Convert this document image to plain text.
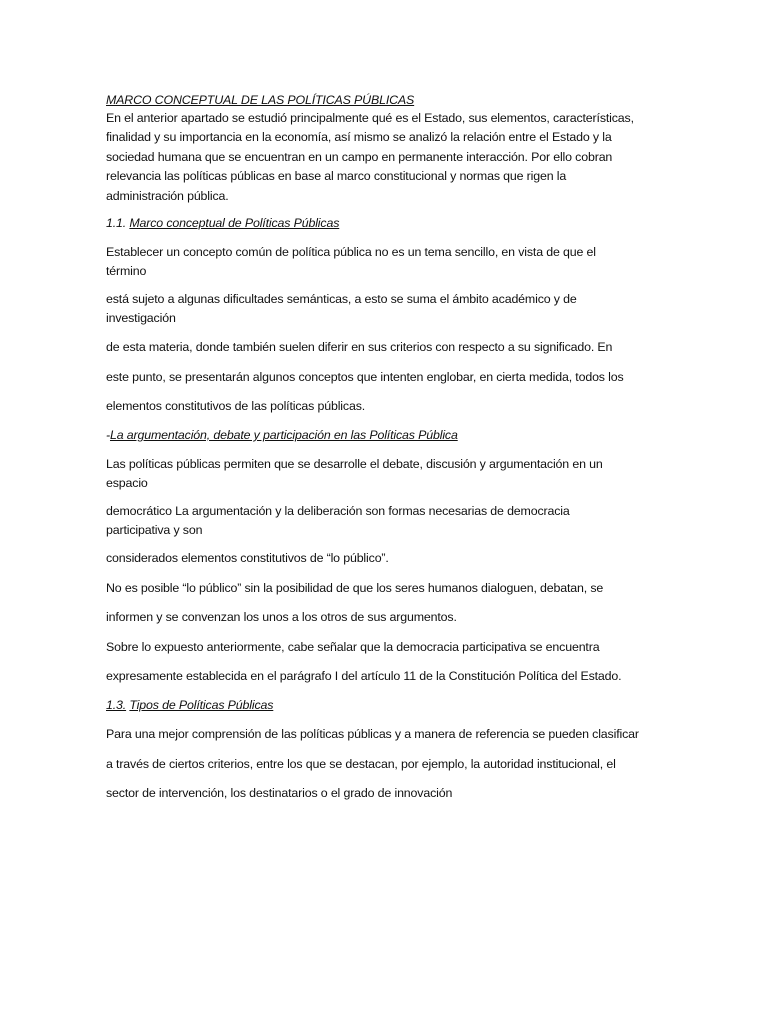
MARCO CONCEPTUAL DE LAS POLÍTICAS PÚBLICAS

En el anterior apartado se estudió principalmente qué es el Estado, sus elementos, características,

finalidad y su importancia en la economía, así mismo se analizó la relación entre el Estado y la

sociedad humana que se encuentran en un campo en permanente interacción. Por ello cobran

relevancia las políticas públicas en base al marco constitucional y normas que rigen la

administración pública.

1.1. Marco conceptual de Políticas Públicas

Establecer un concepto común de política pública no es un tema sencillo, en vista de que el

término

está sujeto a algunas dificultades semánticas, a esto se suma el ámbito académico y de

investigación

de esta materia, donde también suelen diferir en sus criterios con respecto a su significado. En

este punto, se presentarán algunos conceptos que intenten englobar, en cierta medida, todos los

elementos constitutivos de las políticas públicas.

-La argumentación, debate y participación en las Políticas Pública

Las políticas públicas permiten que se desarrolle el debate, discusión y argumentación en un

espacio

democrático La argumentación y la deliberación son formas necesarias de democracia

participativa y son

considerados elementos constitutivos de “lo público”.

No es posible “lo público” sin la posibilidad de que los seres humanos dialoguen, debatan, se

informen y se convenzan los unos a los otros de sus argumentos.

Sobre lo expuesto anteriormente, cabe señalar que la democracia participativa se encuentra

expresamente establecida en el parágrafo I del artículo 11 de la Constitución Política del Estado.

1.3. Tipos de Políticas Públicas

Para una mejor comprensión de las políticas públicas y a manera de referencia se pueden clasificar

a través de ciertos criterios, entre los que se destacan, por ejemplo, la autoridad institucional, el

sector de intervención, los destinatarios o el grado de innovación
